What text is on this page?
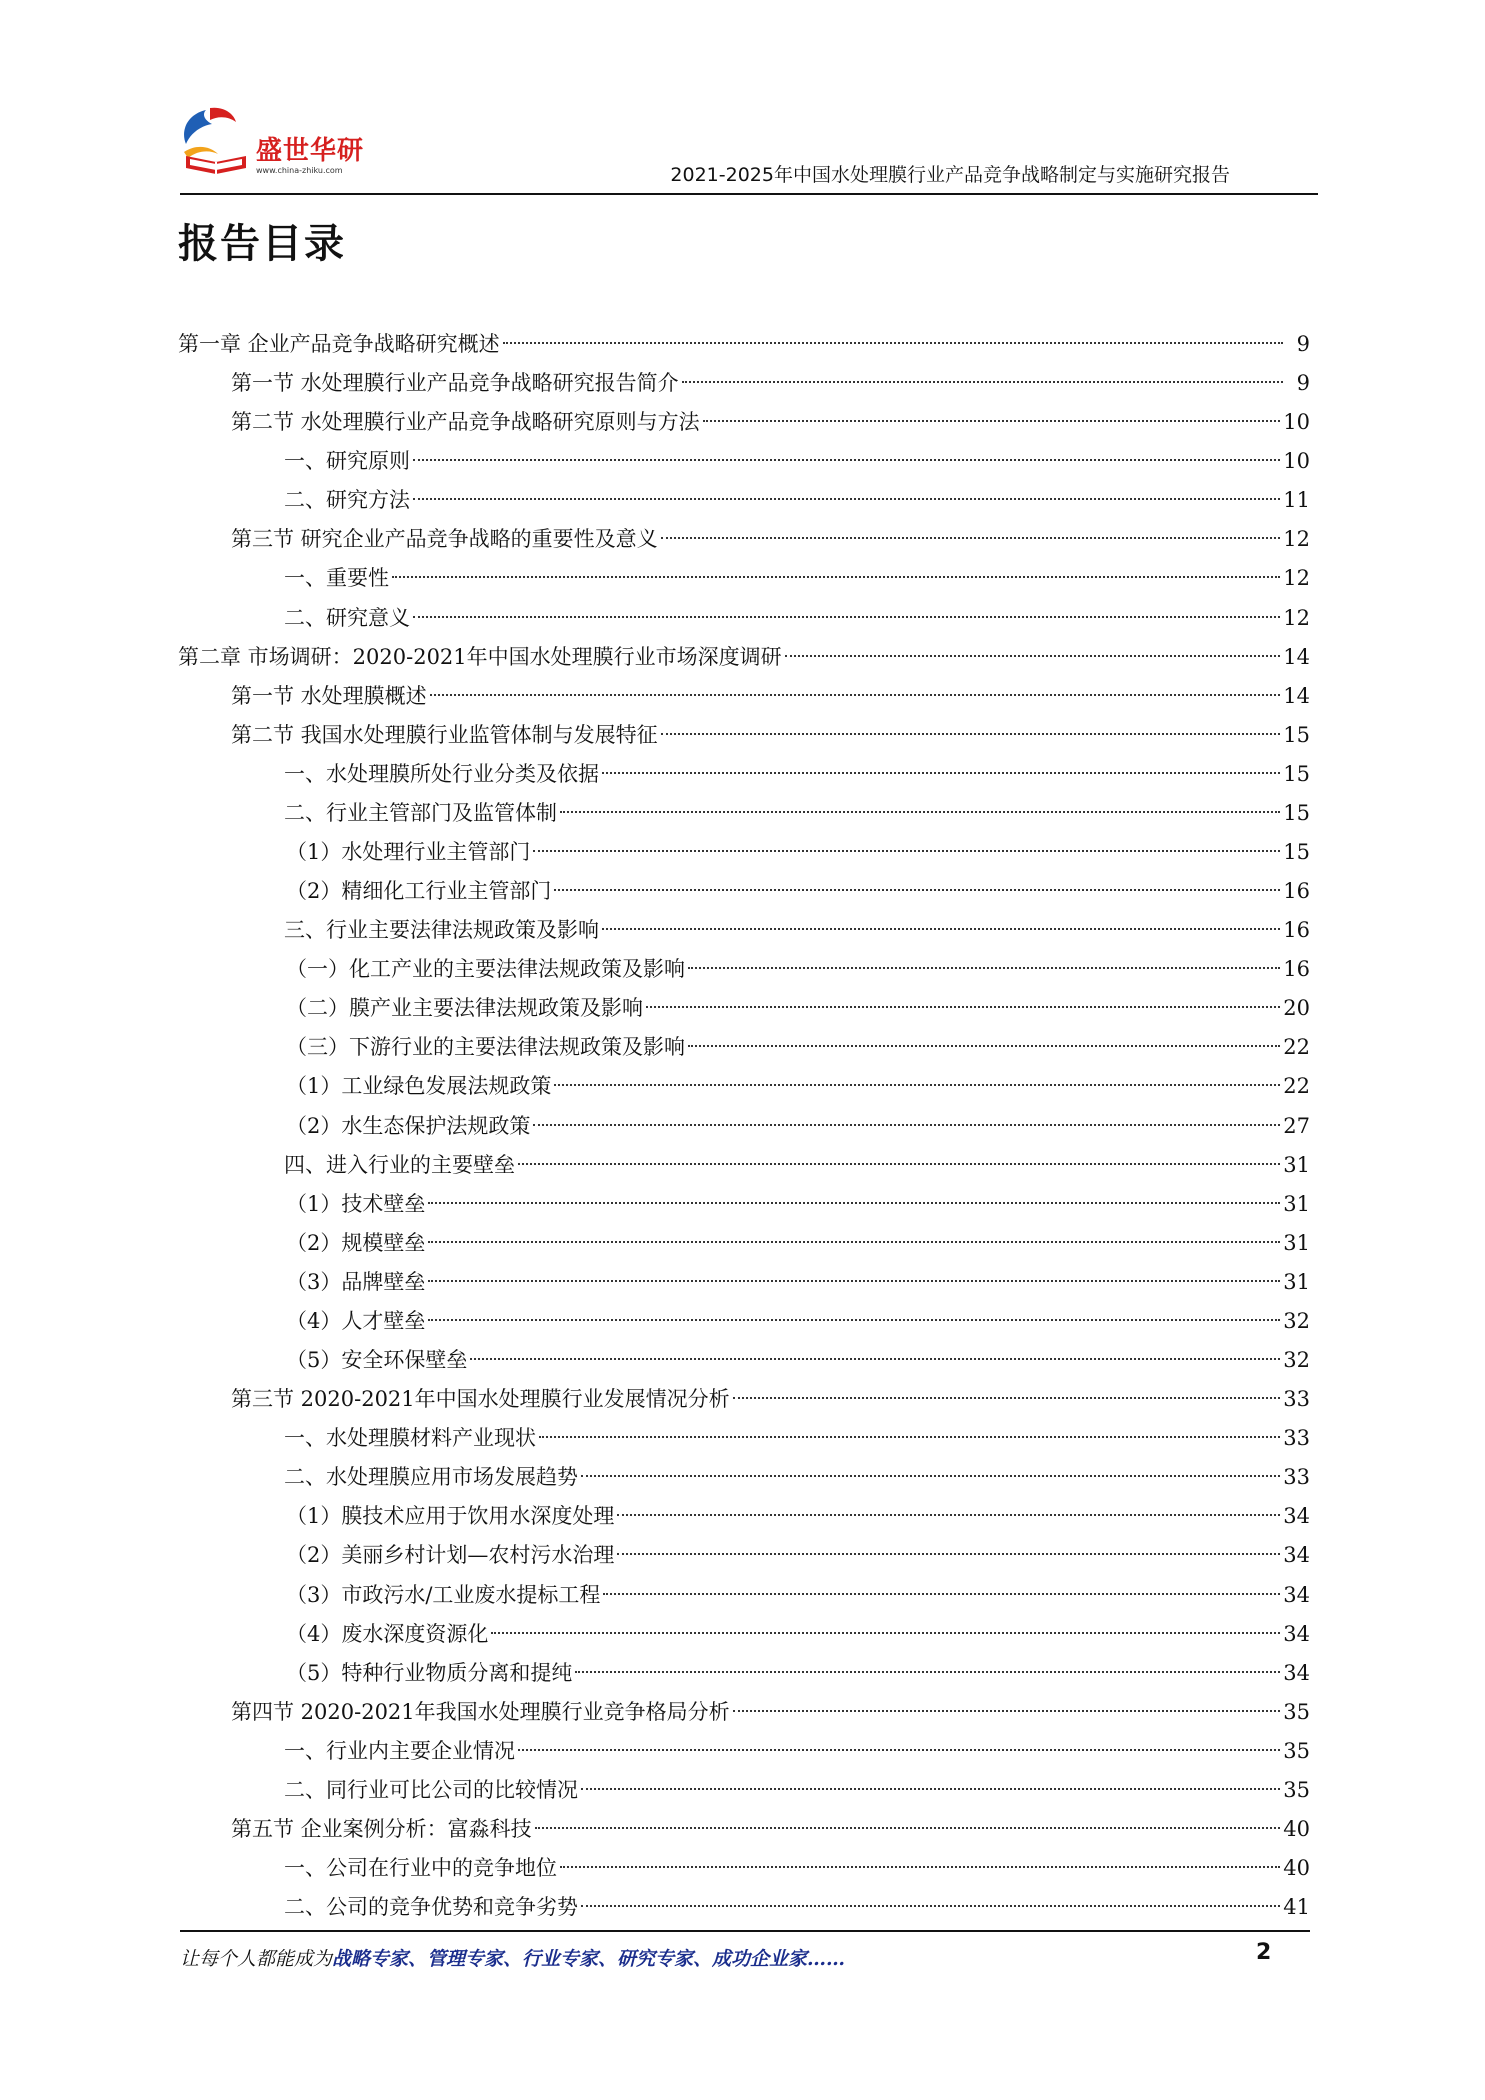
盛世华研
www.china-zhiku.com	2021-2025年中国水处理膜行业产品竞争战略制定与实施研究报告
报告目录
第一章 企业产品竞争战略研究概述	9
第一节 水处理膜行业产品竞争战略研究报告简介	9
第二节 水处理膜行业产品竞争战略研究原则与方法	10
一、研究原则	10
二、研究方法	11
第三节 研究企业产品竞争战略的重要性及意义	12
一、重要性	12
二、研究意义	12
第二章 市场调研：2020-2021年中国水处理膜行业市场深度调研	14
第一节 水处理膜概述	14
第二节 我国水处理膜行业监管体制与发展特征	15
一、水处理膜所处行业分类及依据	15
二、行业主管部门及监管体制	15
（1）水处理行业主管部门	15
（2）精细化工行业主管部门	16
三、行业主要法律法规政策及影响	16
（一）化工产业的主要法律法规政策及影响	16
（二）膜产业主要法律法规政策及影响	20
（三）下游行业的主要法律法规政策及影响	22
（1）工业绿色发展法规政策	22
（2）水生态保护法规政策	27
四、进入行业的主要壁垒	31
（1）技术壁垒	31
（2）规模壁垒	31
（3）品牌壁垒	31
（4）人才壁垒	32
（5）安全环保壁垒	32
第三节 2020-2021年中国水处理膜行业发展情况分析	33
一、水处理膜材料产业现状	33
二、水处理膜应用市场发展趋势	33
（1）膜技术应用于饮用水深度处理	34
（2）美丽乡村计划—农村污水治理	34
（3）市政污水/工业废水提标工程	34
（4）废水深度资源化	34
（5）特种行业物质分离和提纯	34
第四节 2020-2021年我国水处理膜行业竞争格局分析	35
一、行业内主要企业情况	35
二、同行业可比公司的比较情况	35
第五节 企业案例分析：富淼科技	40
一、公司在行业中的竞争地位	40
二、公司的竞争优势和竞争劣势	41
让每个人都能成为战略专家、管理专家、行业专家、研究专家、成功企业家……	2
